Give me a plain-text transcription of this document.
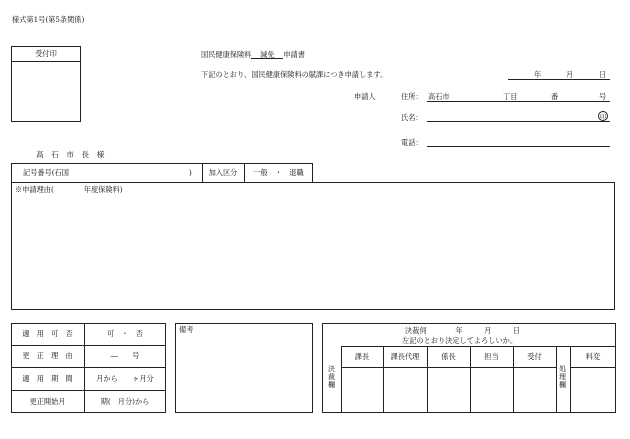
様式第1号(第5条関係)
受付印	国民健康保険料 減免 申請書
下記のとおり、国民健康保険料の賦課につき申請します。	年	月	日
申請人	住所： 高石市	丁目	番	号
氏名：	印
電話：
高　石　市　長　様
記号番号(石国	)	加入区分	一般　・　退職
※申請理由(	年度保険料)
適　用　可　否	可　・　否
更　正　理　由	―　　号
適　用　期　間	月から　　ヶ月分
更正開始月	期(　月分)から
備考	決裁伺　　　　年　　　月　　　日
左記のとおり決定してよろしいか。
決
裁
欄
課長	課長代理	係長	担当	受付
処
理
欄
料変
